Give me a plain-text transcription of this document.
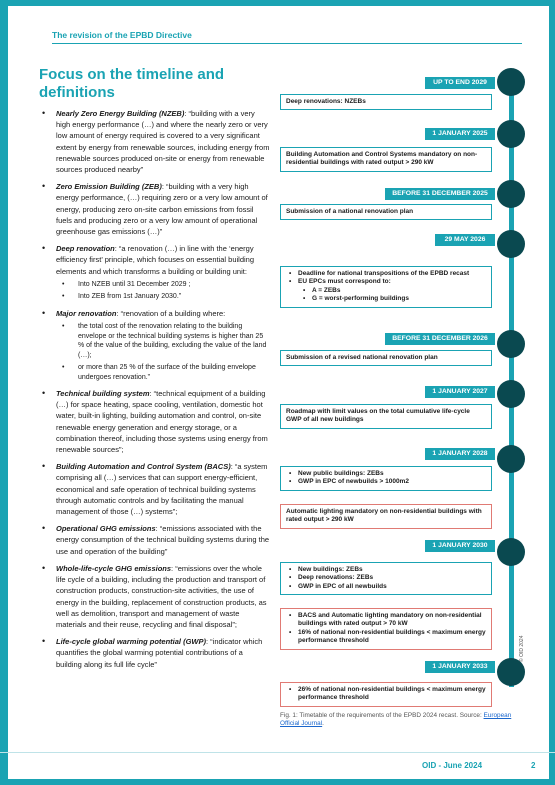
The revision of the EPBD Directive
Focus on the timeline and definitions
• Nearly Zero Energy Building (NZEB): “building with a very high energy performance (…) and where the nearly zero or very low amount of energy required is covered to a very significant extent by energy from renewable sources, including energy from renewable sources produced on-site or energy from renewable sources produced nearby”
• Zero Emission Building (ZEB): “building with a very high energy performance, (…) requiring zero or a very low amount of energy, producing zero on-site carbon emissions from fossil fuels and producing zero or a very low amount of operational greenhouse gas emissions (…)”
• Deep renovation: “a renovation (…) in line with the ‘energy efficiency first’ principle, which focuses on essential building elements and which transforms a building or building unit:
• Into NZEB until 31 December 2029 ;
• Into ZEB from 1st January 2030.”
• Major renovation: “renovation of a building where:
• the total cost of the renovation relating to the building envelope or the technical building systems is higher than 25 % of the value of the building, excluding the value of the land (…);
• or more than 25 % of the surface of the building envelope undergoes renovation.”
• Technical building system: “technical equipment of a building (…) for space heating, space cooling, ventilation, domestic hot water, built-in lighting, building automation and control, on-site renewable energy generation and energy storage, or a combination thereof, including those systems using energy from renewable sources”;
• Building Automation and Control System (BACS): “a system comprising all (…) services that can support energy-efficient, economical and safe operation of technical building systems through automatic controls and by facilitating the manual management of those (…) systems”;
• Operational GHG emissions: “emissions associated with the energy consumption of the technical building systems during the use and operation of the building”
• Whole-life-cycle GHG emissions: “emissions over the whole life cycle of a building, including the production and transport of construction products, construction-site activities, the use of energy in the building, replacement of construction products, as well as demolition, transport and management of waste materials and their reuse, recycling and final disposal”;
• Life-cycle global warming potential (GWP): “indicator which quantifies the global warming potential contributions of a building along its full life cycle”
UP TO END 2029
Deep renovations: NZEBs
1 JANUARY 2025
Building Automation and Control Systems mandatory on non-residential buildings with rated output > 290 kW
BEFORE 31 DECEMBER 2025
Submission of a national renovation plan
29 MAY 2026
• Deadline for national transpositions of the EPBD recast
• EU EPCs must correspond to:
• A = ZEBs
• G = worst-performing buildings
BEFORE 31 DECEMBER 2026
Submission of a revised national renovation plan
1 JANUARY 2027
Roadmap with limit values on the total cumulative life-cycle GWP of all new buildings
1 JANUARY 2028
• New public buildings: ZEBs
• GWP in EPC of newbuilds > 1000m2
Automatic lighting mandatory on non-residential buildings with rated output > 290 kW
1 JANUARY 2030
• New buildings: ZEBs
• Deep renovations: ZEBs
• GWP in EPC of all newbuilds
• BACS and Automatic lighting mandatory on non-residential buildings with rated output > 70 kW
• 16% of national non-residential buildings < maximum energy performance threshold
1 JANUARY 2033
• 26% of national non-residential buildings < maximum energy performance threshold
Fig. 1: Timetable of the requirements of the EPBD 2024 recast. Source: European Official Journal.
© OID 2024
OID - June 2024	2
